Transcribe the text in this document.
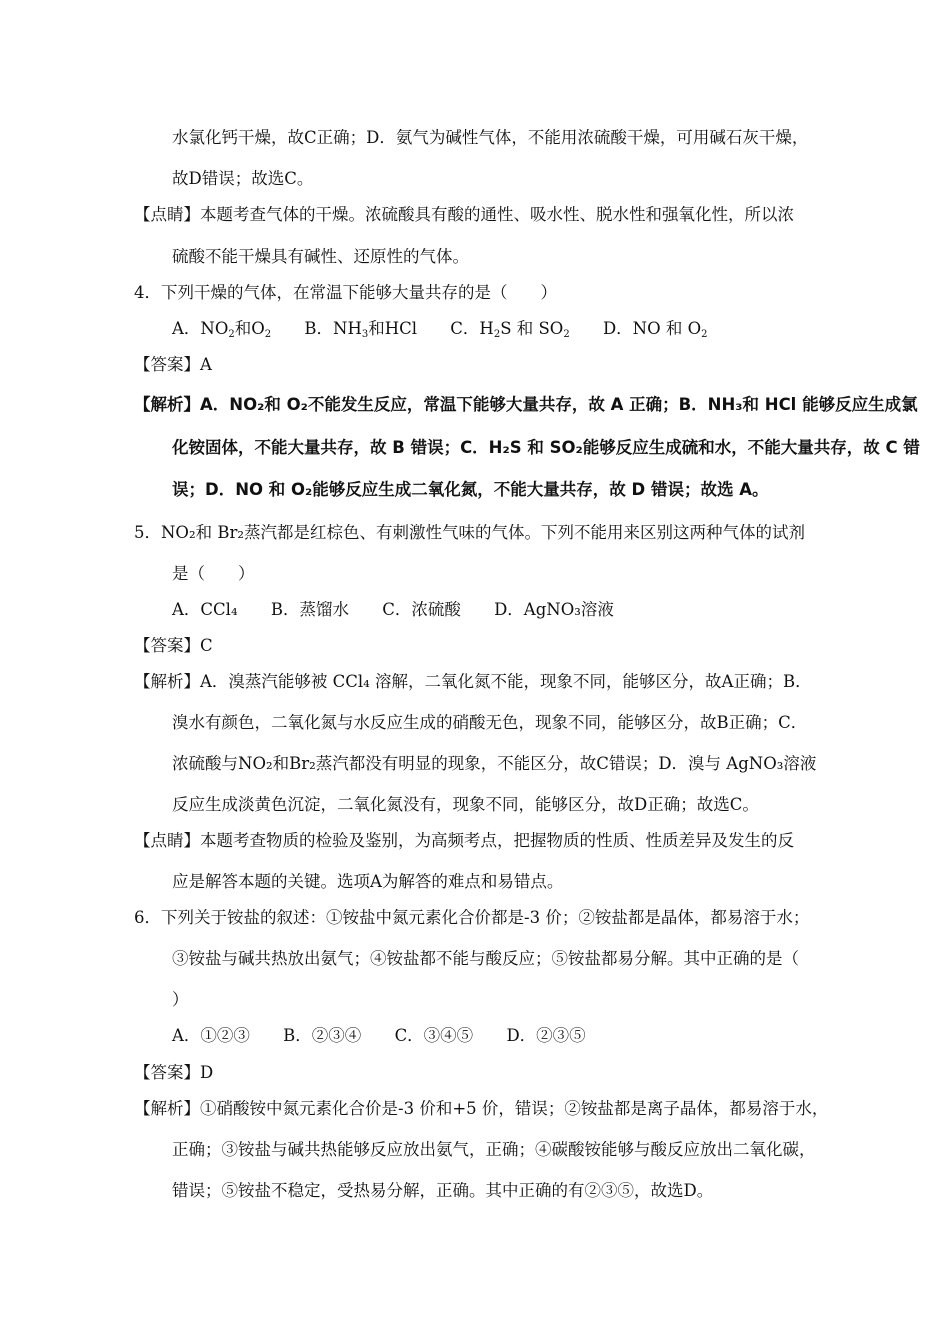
水氯化钙干燥，故C正确；D．氨气为碱性气体，不能用浓硫酸干燥，可用碱石灰干燥，
故D错误；故选C。
【点睛】本题考查气体的干燥。浓硫酸具有酸的通性、吸水性、脱水性和强氧化性，所以浓
硫酸不能干燥具有碱性、还原性的气体。
4．下列干燥的气体，在常温下能够大量共存的是（　　）
A．$NO_2$和$O_2$ B．$NH_3$和HCl C．$H_2S$ 和 $SO_2$ D．NO 和 $O_2$
【答案】A
【解析】A．NO₂和 O₂不能发生反应，常温下能够大量共存，故 A 正确；B．NH₃和 HCl 能够反应生成氯
化铵固体，不能大量共存，故 B 错误；C．H₂S 和 SO₂能够反应生成硫和水，不能大量共存，故 C 错
误；D．NO 和 O₂能够反应生成二氧化氮，不能大量共存，故 D 错误；故选 A。
5．NO₂和 Br₂蒸汽都是红棕色、有刺激性气味的气体。下列不能用来区别这两种气体的试剂
是（　　）
A．CCl₄ B．蒸馏水 C．浓硫酸 D．AgNO₃溶液
【答案】C
【解析】A．溴蒸汽能够被 CCl₄ 溶解，二氧化氮不能，现象不同，能够区分，故A正确；B．
溴水有颜色，二氧化氮与水反应生成的硝酸无色，现象不同，能够区分，故B正确；C．
浓硫酸与NO₂和Br₂蒸汽都没有明显的现象，不能区分，故C错误；D．溴与 AgNO₃溶液
反应生成淡黄色沉淀，二氧化氮没有，现象不同，能够区分，故D正确；故选C。
【点睛】本题考查物质的检验及鉴别，为高频考点，把握物质的性质、性质差异及发生的反
应是解答本题的关键。选项A为解答的难点和易错点。
6．下列关于铵盐的叙述：①铵盐中氮元素化合价都是-3 价；②铵盐都是晶体，都易溶于水；
③铵盐与碱共热放出氨气；④铵盐都不能与酸反应；⑤铵盐都易分解。其中正确的是（
）
A．①②③ B．②③④ C．③④⑤ D．②③⑤
【答案】D
【解析】①硝酸铵中氮元素化合价是-3 价和+5 价，错误；②铵盐都是离子晶体，都易溶于水，
正确；③铵盐与碱共热能够反应放出氨气，正确；④碳酸铵能够与酸反应放出二氧化碳，
错误；⑤铵盐不稳定，受热易分解，正确。其中正确的有②③⑤，故选D。
